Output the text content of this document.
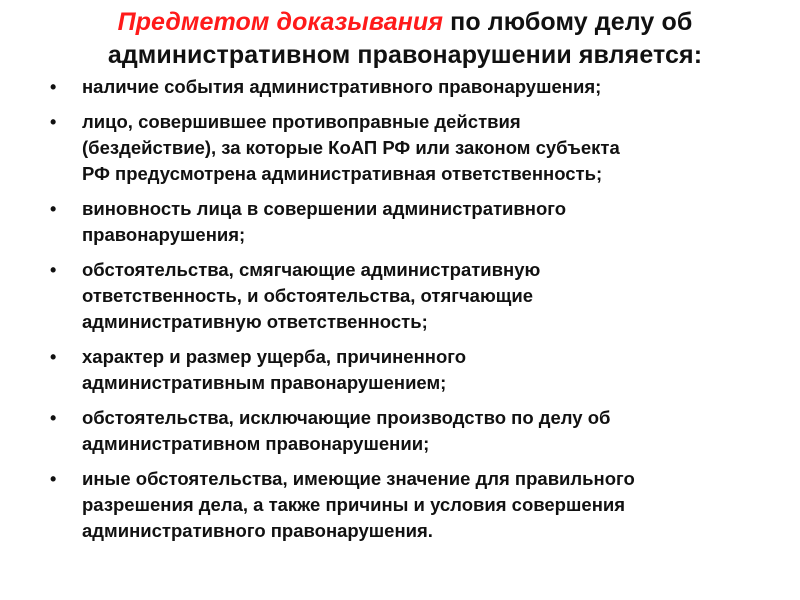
Предметом доказывания по любому делу об
административном правонарушении является:
• наличие события административного правонарушения;
• лицо, совершившее противоправные действия
(бездействие), за которые КоАП РФ или законом субъекта
РФ предусмотрена административная ответственность;
• виновность лица в совершении административного
правонарушения;
• обстоятельства, смягчающие административную
ответственность, и обстоятельства, отягчающие
административную ответственность;
• характер и размер ущерба, причиненного
административным правонарушением;
• обстоятельства, исключающие производство по делу об
административном правонарушении;
• иные обстоятельства, имеющие значение для правильного
разрешения дела, а также причины и условия совершения
административного правонарушения.
